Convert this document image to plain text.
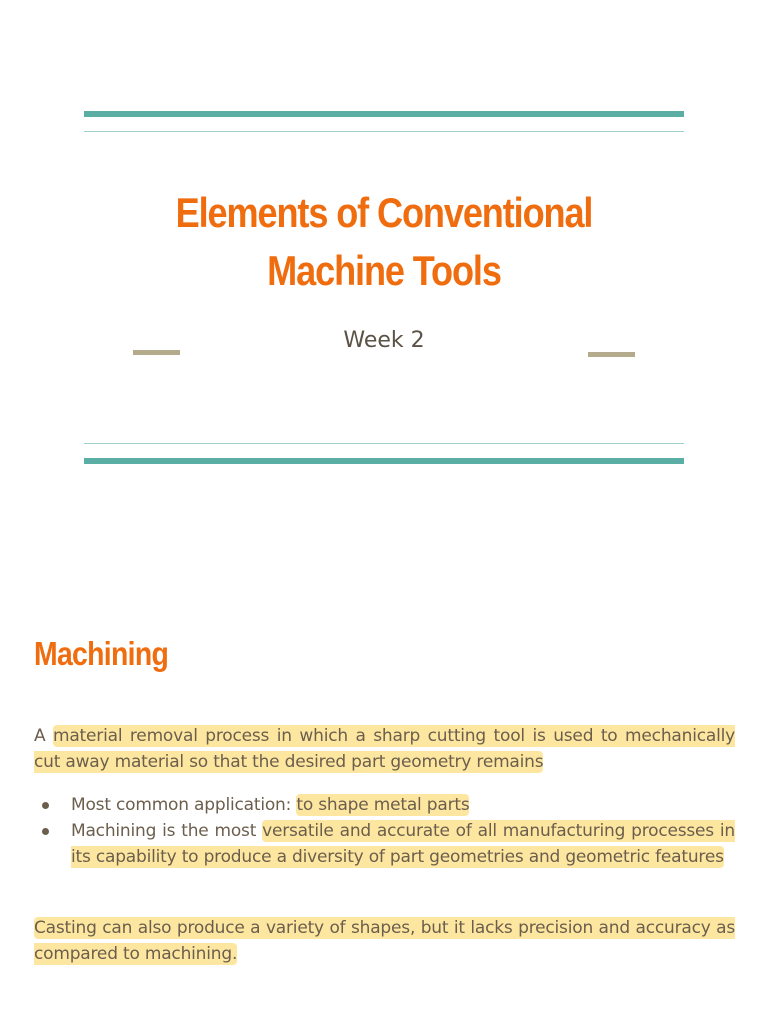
Elements of Conventional
Machine Tools
Week 2
Machining

A material removal process in which a sharp cutting tool is used to mechanically cut away material so that the desired part geometry remains

Most common application: to shape metal parts
Machining is the most versatile and accurate of all manufacturing processes in its capability to produce a diversity of part geometries and geometric features

Casting can also produce a variety of shapes, but it lacks precision and accuracy as compared to machining.
